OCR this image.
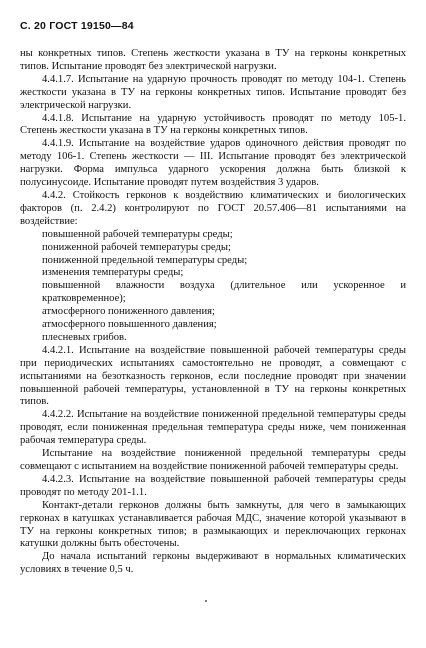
С. 20 ГОСТ 19150—84

ны конкретных типов. Степень жесткости указана в ТУ на герконы конкретных типов. Испытание проводят без электрической нагрузки.

4.4.1.7. Испытание на ударную прочность проводят по методу 104-1. Степень жесткости указана в ТУ на герконы конкретных типов. Испытание проводят без электрической нагрузки.

4.4.1.8. Испытание на ударную устойчивость проводят по методу 105-1. Степень жесткости указана в ТУ на герконы конкретных типов.

4.4.1.9. Испытание на воздействие ударов одиночного действия проводят по методу 106-1. Степень жесткости — III. Испытание проводят без электрической нагрузки. Форма импульса ударного ускорения должна быть близкой к полусинусоиде. Испытание проводят путем воздействия 3 ударов.

4.4.2. Стойкость герконов к воздействию климатических и биологических факторов (п. 2.4.2) контролируют по ГОСТ 20.57.406—81 испытаниями на воздействие:

повышенной рабочей температуры среды;

пониженной рабочей температуры среды;

пониженной предельной температуры среды;

изменения температуры среды;

повышенной влажности воздуха (длительное или ускоренное и кратковременное);

атмосферного пониженного давления;

атмосферного повышенного давления;

плесневых грибов.

4.4.2.1. Испытание на воздействие повышенной рабочей температуры среды при периодических испытаниях самостоятельно не проводят, а совмещают с испытаниями на безотказность герконов, если последние проводят при значении повышенной рабочей температуры, установленной в ТУ на герконы конкретных типов.

4.4.2.2. Испытание на воздействие пониженной предельной температуры среды проводят, если пониженная предельная температура среды ниже, чем пониженная рабочая температура среды.

Испытание на воздействие пониженной предельной температуры среды совмещают с испытанием на воздействие пониженной рабочей температуры среды.

4.4.2.3. Испытание на воздействие повышенной рабочей температуры среды проводят по методу 201-1.1.

Контакт-детали герконов должны быть замкнуты, для чего в замыкающих герконах в катушках устанавливается рабочая МДС, значение которой указывают в ТУ на герконы конкретных типов; в размыкающих и переключающих герконах катушки должны быть обесточены.

До начала испытаний герконы выдерживают в нормальных климатических условиях в течение 0,5 ч.
